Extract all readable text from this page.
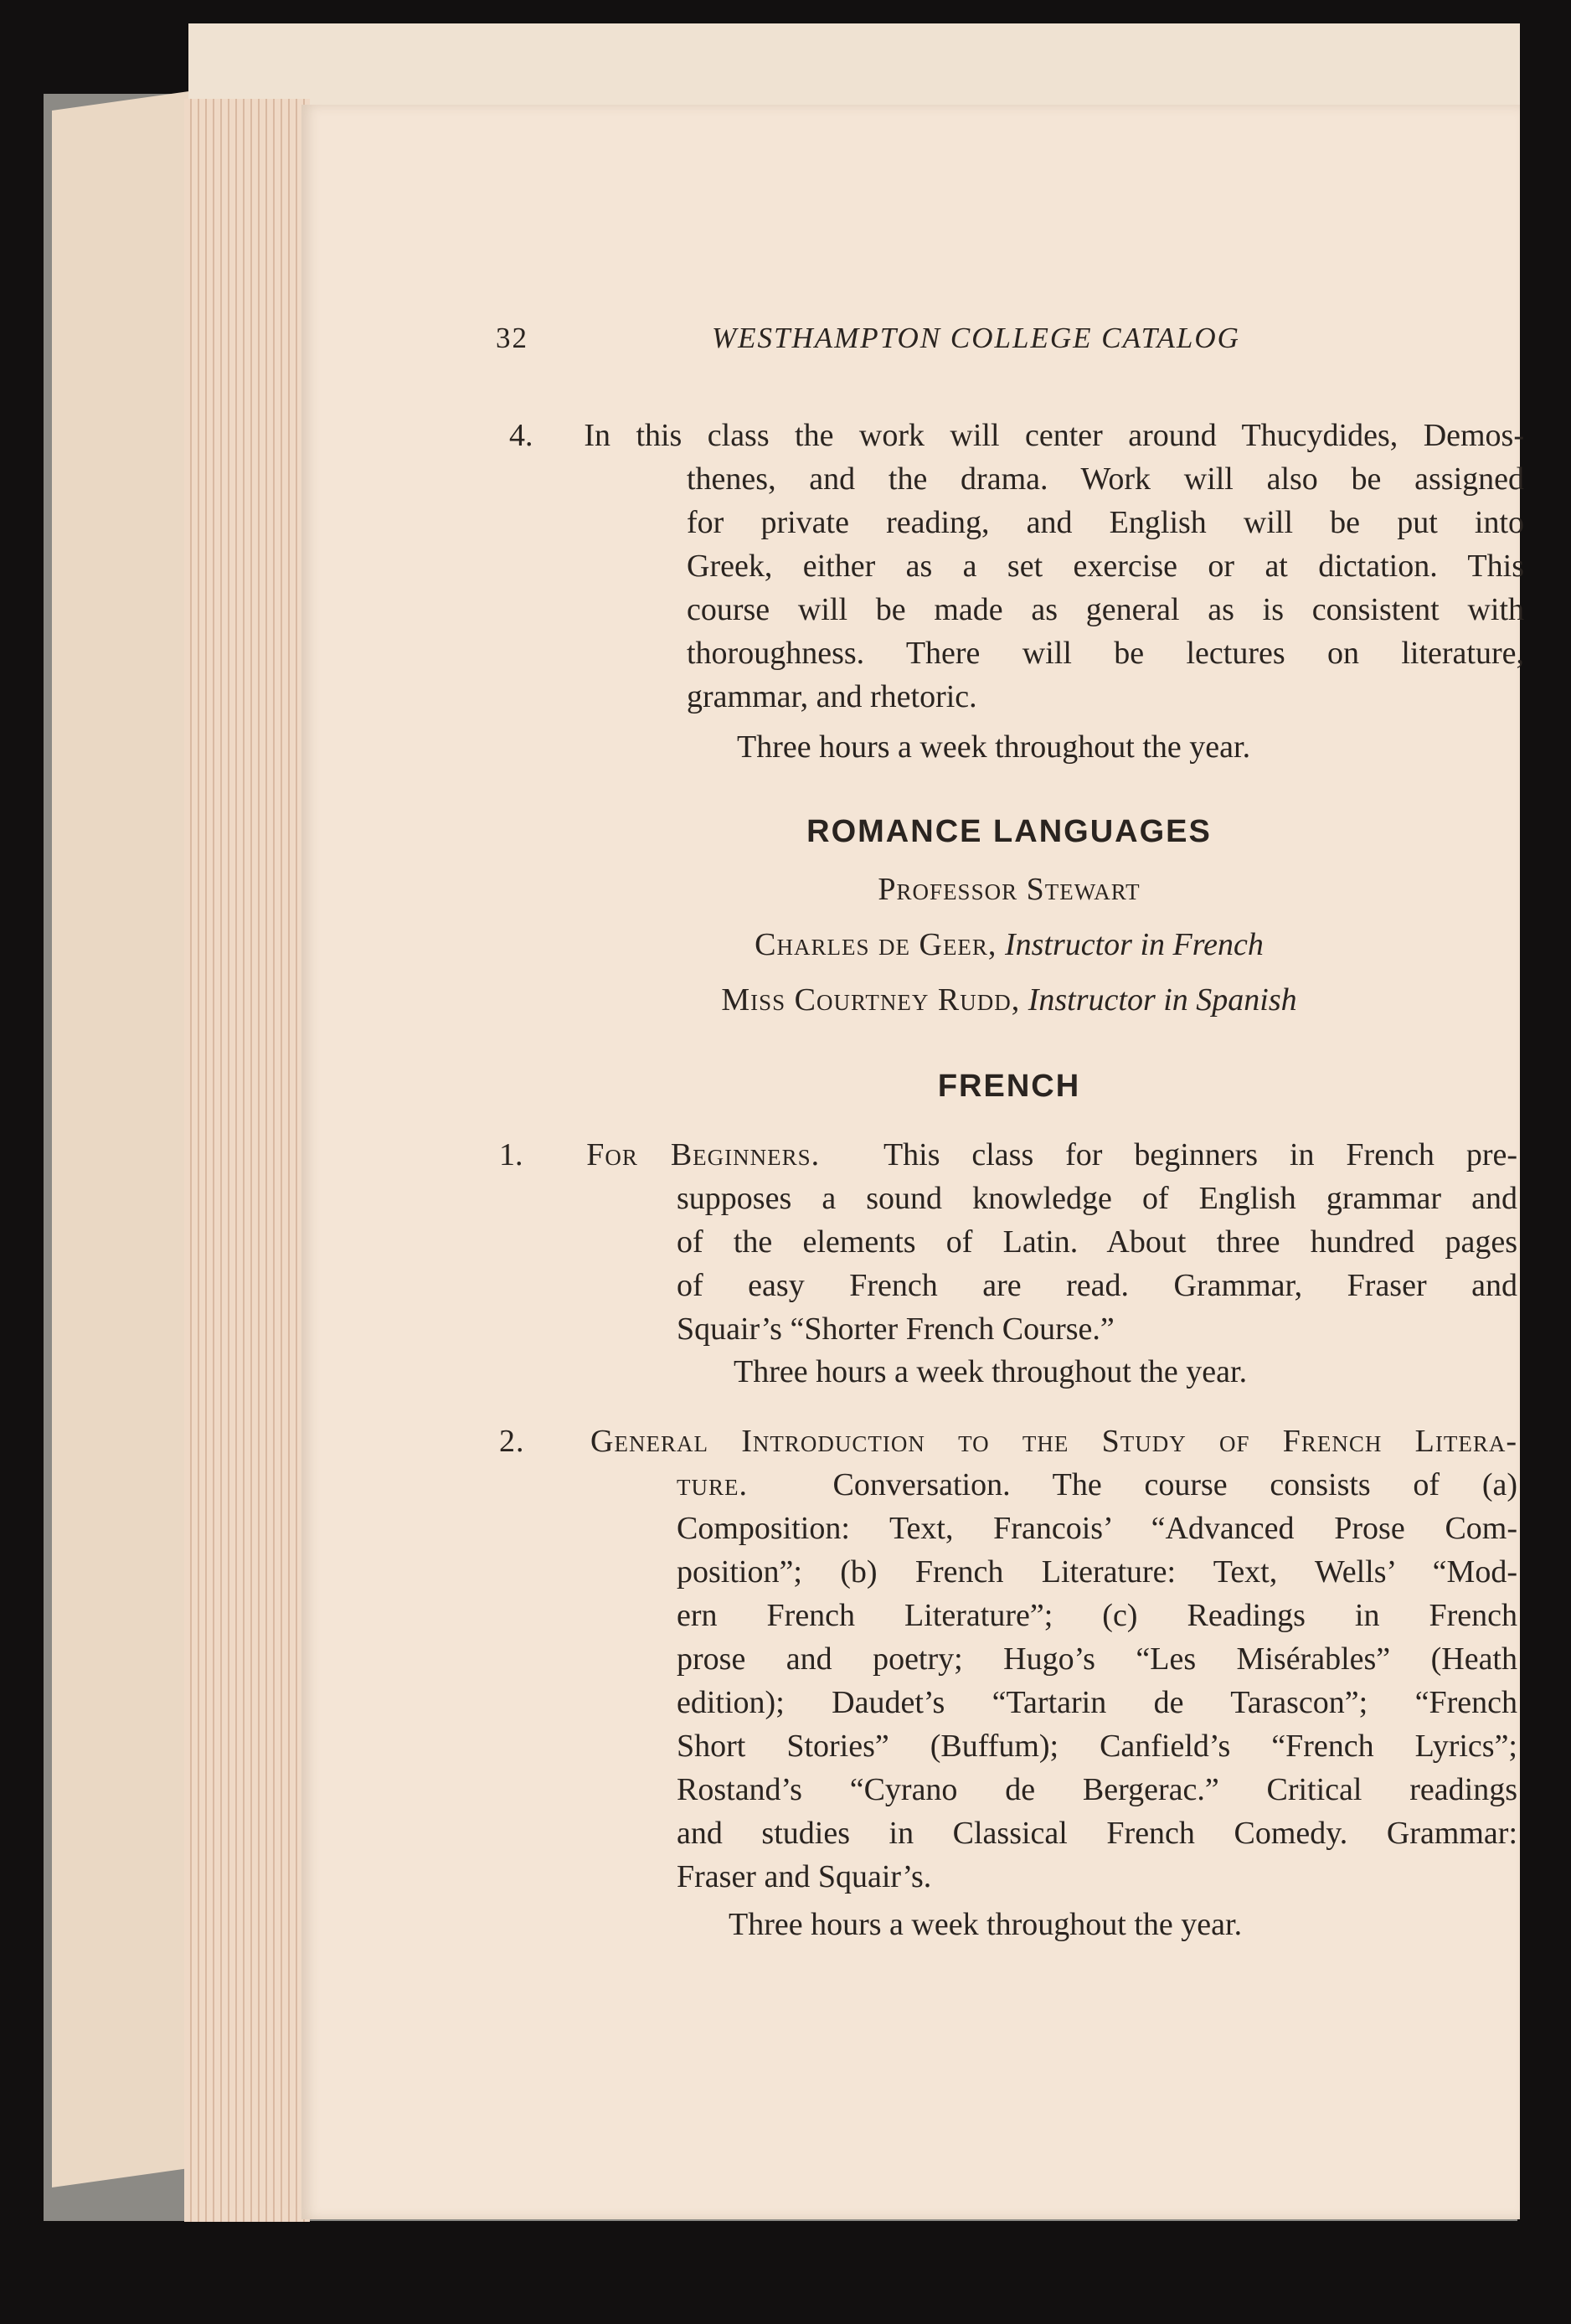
32	WESTHAMPTON COLLEGE CATALOG
4. In this class the work will center around Thucydides, Demos-
thenes, and the drama. Work will also be assigned
for private reading, and English will be put into
Greek, either as a set exercise or at dictation. This
course will be made as general as is consistent with
thoroughness. There will be lectures on literature,
grammar, and rhetoric.
Three hours a week throughout the year.
ROMANCE LANGUAGES
Professor Stewart
Charles de Geer, Instructor in French
Miss Courtney Rudd, Instructor in Spanish
FRENCH
1. For Beginners. This class for beginners in French pre-
supposes a sound knowledge of English grammar and
of the elements of Latin. About three hundred pages
of easy French are read. Grammar, Fraser and
Squair’s “Shorter French Course.”
Three hours a week throughout the year.
2. General Introduction to the Study of French Litera-
ture.	Conversation. The course consists of (a)
Composition: Text, Francois’ “Advanced Prose Com-
position”; (b) French Literature: Text, Wells’ “Mod-
ern French Literature”; (c) Readings in French
prose and poetry; Hugo’s “Les Misérables” (Heath
edition); Daudet’s “Tartarin de Tarascon”; “French
Short Stories” (Buffum); Canfield’s “French Lyrics”;
Rostand’s “Cyrano de Bergerac.” Critical readings
and studies in Classical French Comedy. Grammar:
Fraser and Squair’s.
Three hours a week throughout the year.
